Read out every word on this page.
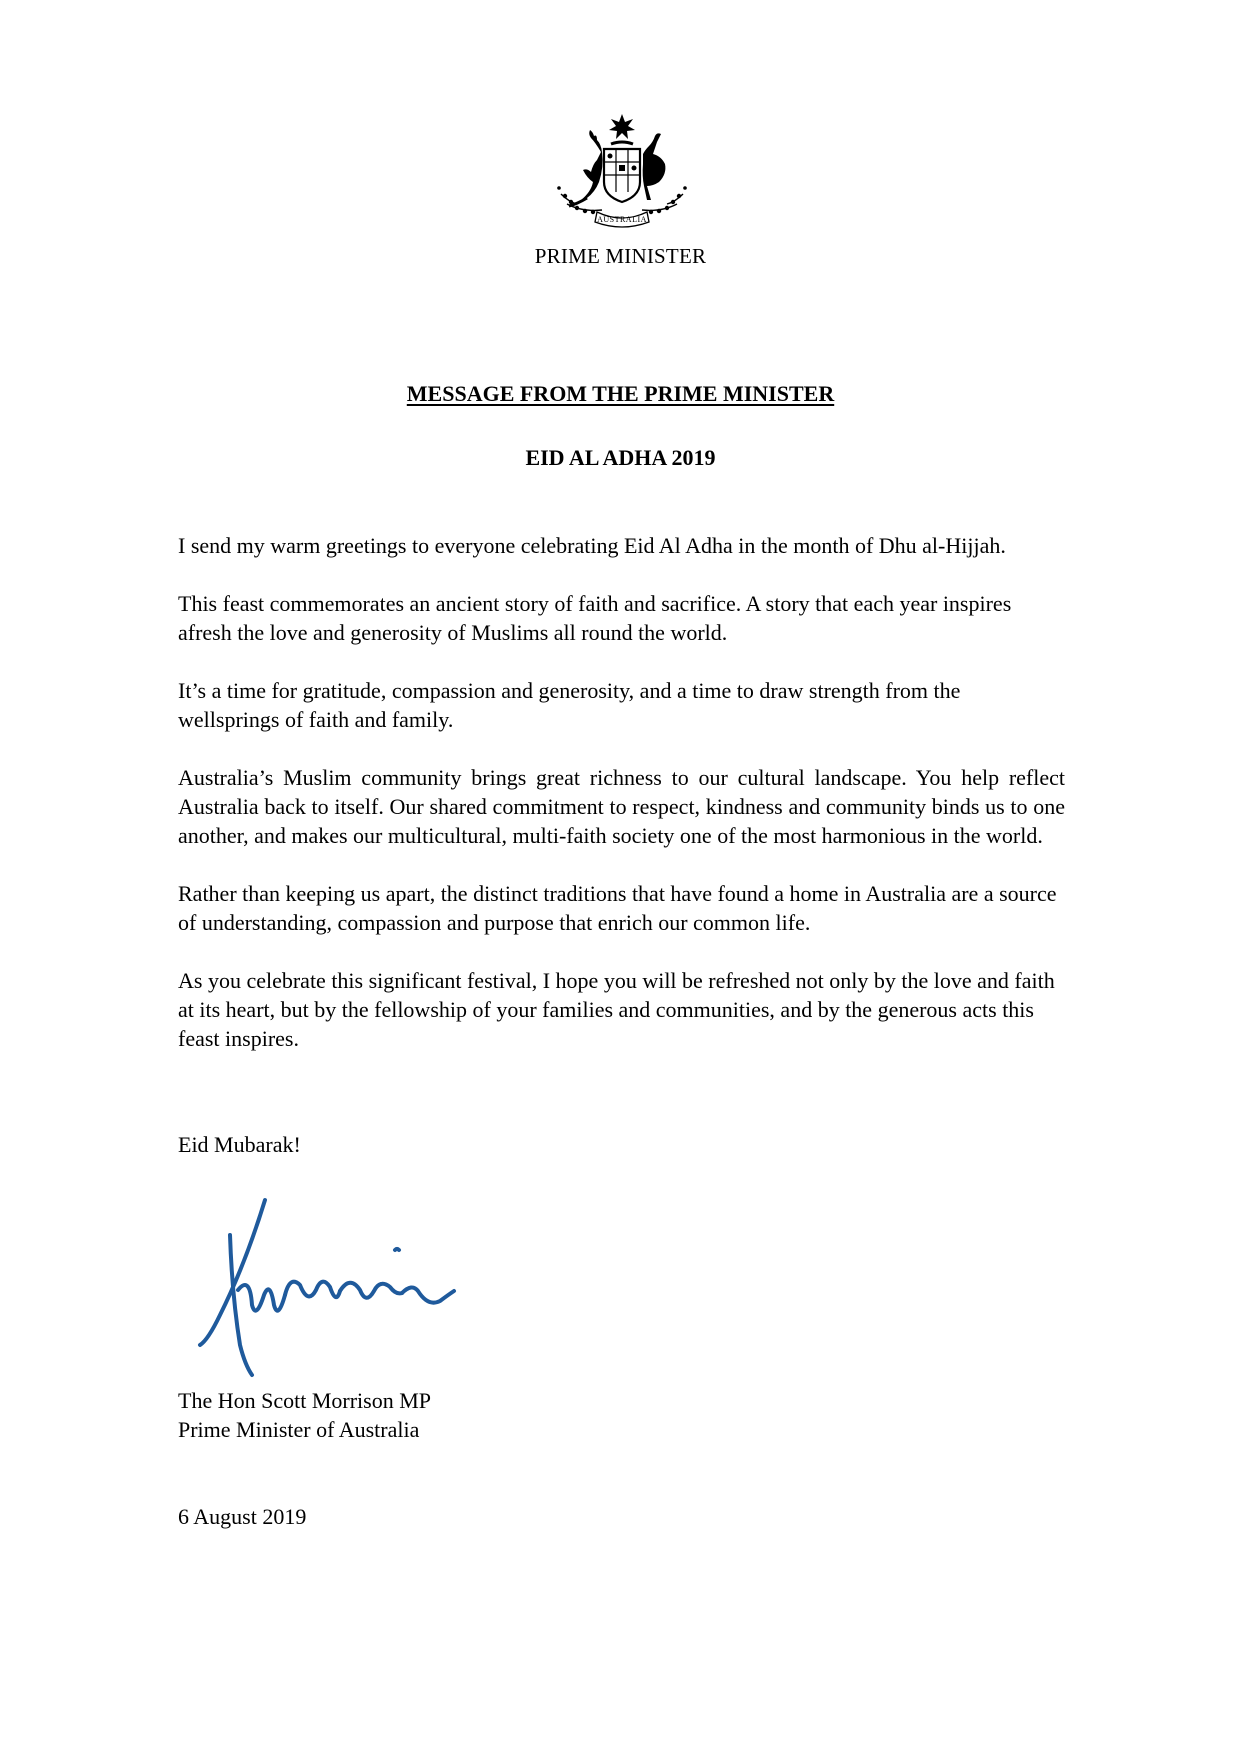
AUSTRALIA
PRIME MINISTER
MESSAGE FROM THE PRIME MINISTER
EID AL ADHA 2019

I send my warm greetings to everyone celebrating Eid Al Adha in the month of Dhu al-Hijjah.

This feast commemorates an ancient story of faith and sacrifice. A story that each year inspires afresh the love and generosity of Muslims all round the world.

It’s a time for gratitude, compassion and generosity, and a time to draw strength from the wellsprings of faith and family.

Australia’s Muslim community brings great richness to our cultural landscape. You help reflect Australia back to itself. Our shared commitment to respect, kindness and community binds us to one another, and makes our multicultural, multi-faith society one of the most harmonious in the world.

Rather than keeping us apart, the distinct traditions that have found a home in Australia are a source of understanding, compassion and purpose that enrich our common life.

As you celebrate this significant festival, I hope you will be refreshed not only by the love and faith at its heart, but by the fellowship of your families and communities, and by the generous acts this feast inspires.

Eid Mubarak!
The Hon Scott Morrison MP
Prime Minister of Australia
6 August 2019
